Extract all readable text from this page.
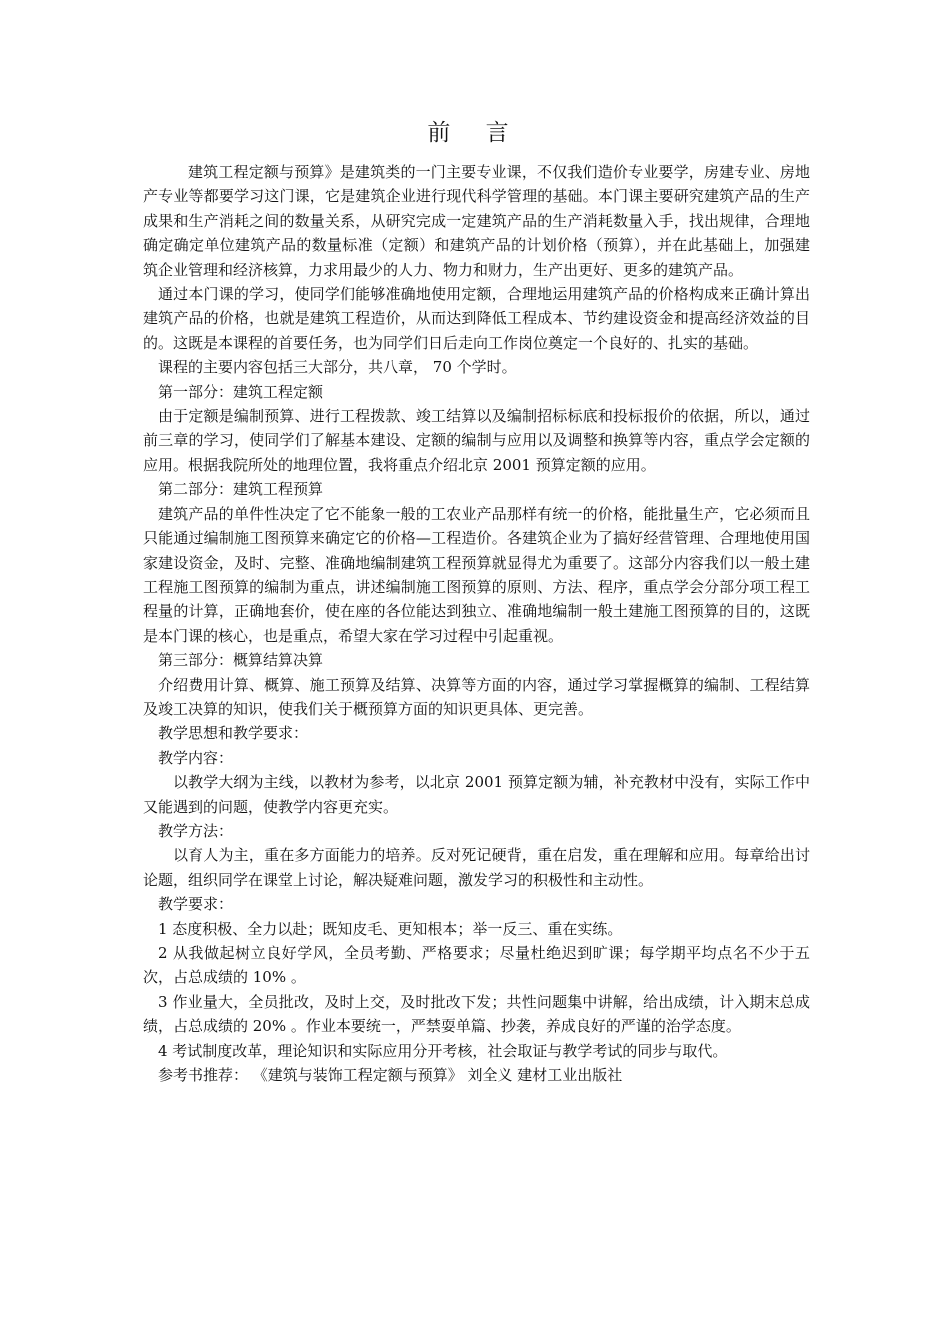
前 言

建筑工程定额与预算》是建筑类的一门主要专业课，不仅我们造价专业要学，房建专业、房地产专业等都要学习这门课，它是建筑企业进行现代科学管理的基础。本门课主要研究建筑产品的生产成果和生产消耗之间的数量关系，从研究完成一定建筑产品的生产消耗数量入手，找出规律，合理地确定确定单位建筑产品的数量标准（定额）和建筑产品的计划价格（预算），并在此基础上，加强建筑企业管理和经济核算，力求用最少的人力、物力和财力，生产出更好、更多的建筑产品。

通过本门课的学习，使同学们能够准确地使用定额，合理地运用建筑产品的价格构成来正确计算出建筑产品的价格，也就是建筑工程造价，从而达到降低工程成本、节约建设资金和提高经济效益的目的。这既是本课程的首要任务，也为同学们日后走向工作岗位奠定一个良好的、扎实的基础。

课程的主要内容包括三大部分，共八章， 70 个学时。

第一部分：建筑工程定额

由于定额是编制预算、进行工程拨款、竣工结算以及编制招标标底和投标报价的依据，所以，通过前三章的学习，使同学们了解基本建设、定额的编制与应用以及调整和换算等内容，重点学会定额的应用。根据我院所处的地理位置，我将重点介绍北京 2001 预算定额的应用。

第二部分：建筑工程预算

建筑产品的单件性决定了它不能象一般的工农业产品那样有统一的价格，能批量生产，它必须而且只能通过编制施工图预算来确定它的价格—工程造价。各建筑企业为了搞好经营管理、合理地使用国家建设资金，及时、完整、准确地编制建筑工程预算就显得尤为重要了。这部分内容我们以一般土建工程施工图预算的编制为重点，讲述编制施工图预算的原则、方法、程序，重点学会分部分项工程工程量的计算，正确地套价，使在座的各位能达到独立、准确地编制一般土建施工图预算的目的，这既是本门课的核心，也是重点，希望大家在学习过程中引起重视。

第三部分：概算结算决算

介绍费用计算、概算、施工预算及结算、决算等方面的内容，通过学习掌握概算的编制、工程结算及竣工决算的知识，使我们关于概预算方面的知识更具体、更完善。

教学思想和教学要求：

教学内容：

以教学大纲为主线，以教材为参考，以北京 2001 预算定额为辅，补充教材中没有，实际工作中又能遇到的问题，使教学内容更充实。

教学方法：

以育人为主，重在多方面能力的培养。反对死记硬背，重在启发，重在理解和应用。每章给出讨论题，组织同学在课堂上讨论，解决疑难问题，激发学习的积极性和主动性。

教学要求：

1 态度积极、全力以赴；既知皮毛、更知根本；举一反三、重在实练。

2 从我做起树立良好学风，全员考勤、严格要求；尽量杜绝迟到旷课；每学期平均点名不少于五次，占总成绩的 10% 。

3 作业量大，全员批改，及时上交，及时批改下发；共性问题集中讲解，给出成绩，计入期末总成绩，占总成绩的 20% 。作业本要统一，严禁耍单篇、抄袭，养成良好的严谨的治学态度。

4 考试制度改革，理论知识和实际应用分开考核，社会取证与教学考试的同步与取代。

参考书推荐： 《建筑与装饰工程定额与预算》 刘全义 建材工业出版社
